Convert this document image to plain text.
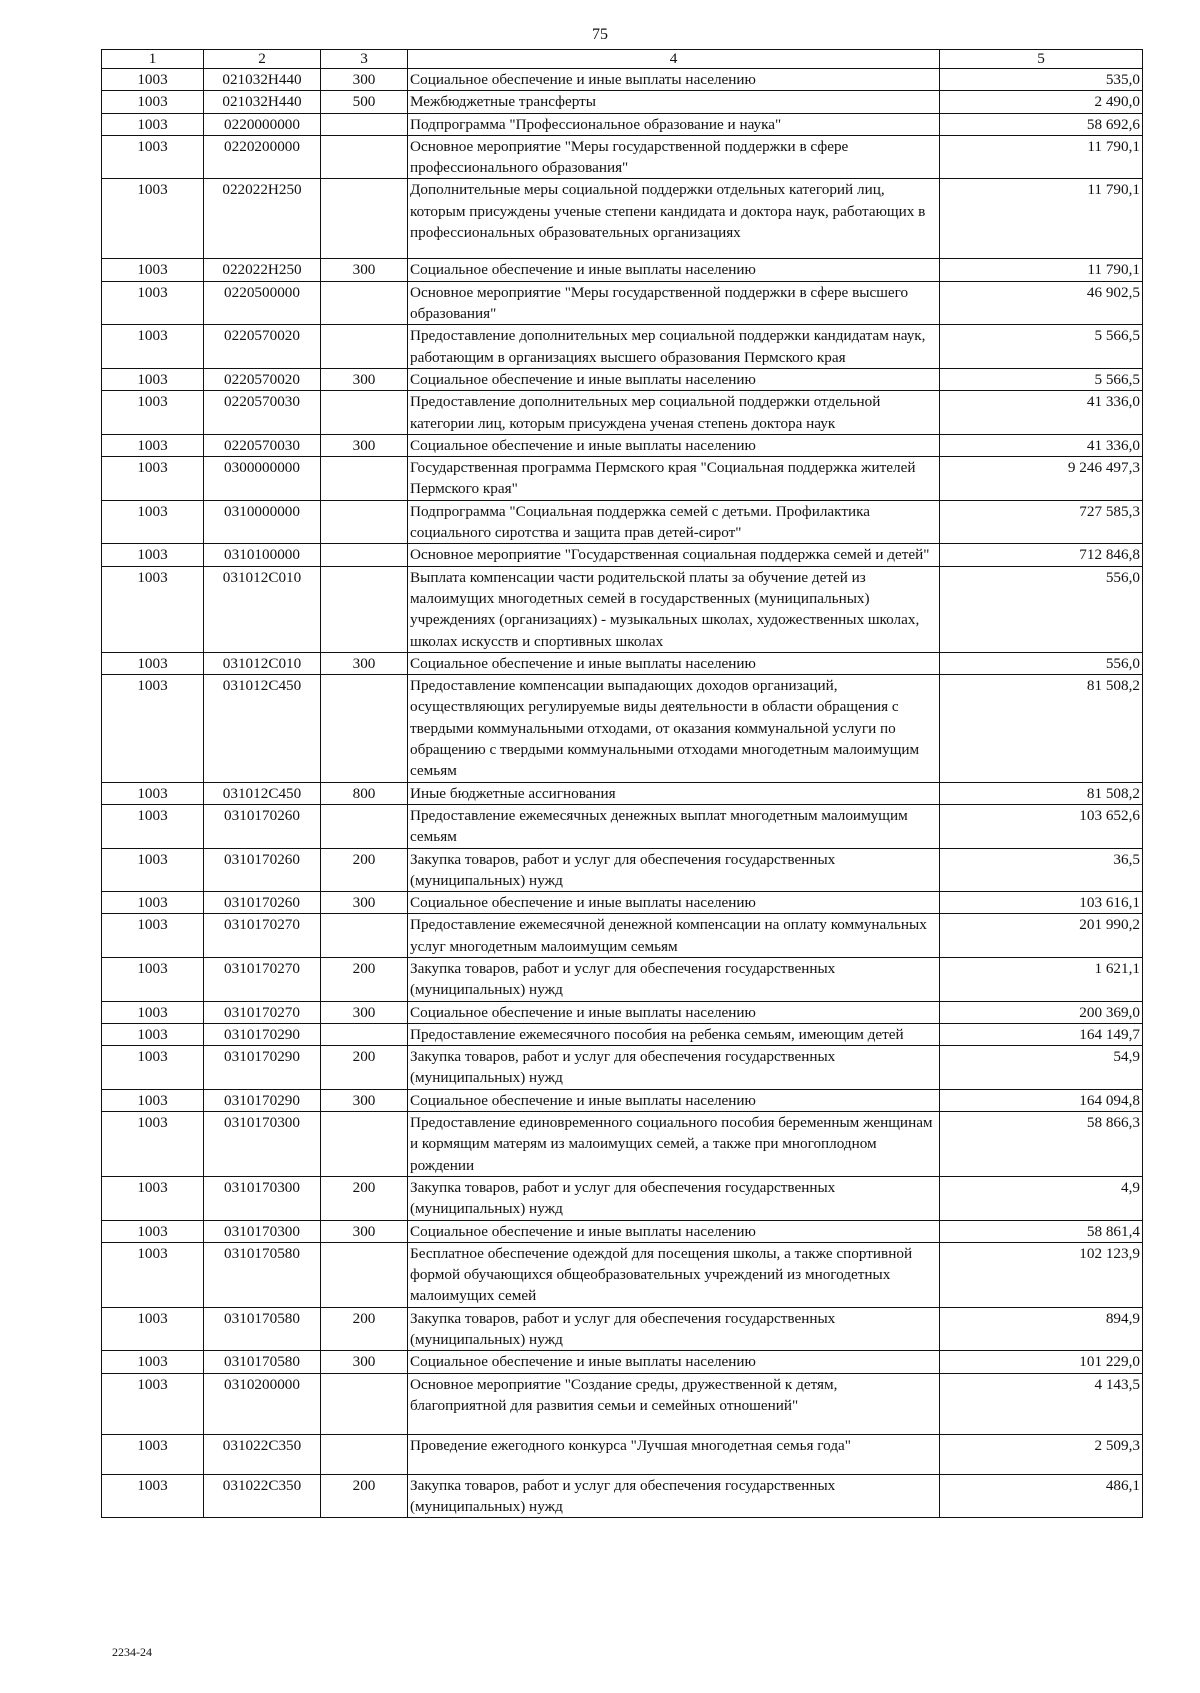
75
1	2	3	4	5
1003	021032Н440	300	Социальное обеспечение и иные выплаты населению	535,0
1003	021032Н440	500	Межбюджетные трансферты	2 490,0
1003	0220000000		Подпрограмма "Профессиональное образование и наука"	58 692,6
1003	0220200000		Основное мероприятие "Меры государственной поддержки в сфере профессионального образования"	11 790,1
1003	022022Н250		Дополнительные меры социальной поддержки отдельных категорий лиц, которым присуждены ученые степени кандидата и доктора наук, работающих в профессиональных образовательных организациях	11 790,1
1003	022022Н250	300	Социальное обеспечение и иные выплаты населению	11 790,1
1003	0220500000		Основное мероприятие "Меры государственной поддержки в сфере высшего образования"	46 902,5
1003	0220570020		Предоставление дополнительных мер социальной поддержки кандидатам наук, работающим в организациях высшего образования Пермского края	5 566,5
1003	0220570020	300	Социальное обеспечение и иные выплаты населению	5 566,5
1003	0220570030		Предоставление дополнительных мер социальной поддержки отдельной категории лиц, которым присуждена ученая степень доктора наук	41 336,0
1003	0220570030	300	Социальное обеспечение и иные выплаты населению	41 336,0
1003	0300000000		Государственная программа Пермского края "Социальная поддержка жителей Пермского края"	9 246 497,3
1003	0310000000		Подпрограмма "Социальная поддержка семей с детьми. Профилактика социального сиротства и защита прав детей-сирот"	727 585,3
1003	0310100000		Основное мероприятие "Государственная социальная поддержка семей и детей"	712 846,8
1003	031012С010		Выплата компенсации части родительской платы за обучение детей из малоимущих многодетных семей в государственных (муниципальных) учреждениях (организациях) - музыкальных школах, художественных школах, школах искусств и спортивных школах	556,0
1003	031012С010	300	Социальное обеспечение и иные выплаты населению	556,0
1003	031012С450		Предоставление компенсации выпадающих доходов организаций, осуществляющих регулируемые виды деятельности в области обращения с твердыми коммунальными отходами, от оказания коммунальной услуги по обращению с твердыми коммунальными отходами многодетным малоимущим семьям	81 508,2
1003	031012С450	800	Иные бюджетные ассигнования	81 508,2
1003	0310170260		Предоставление ежемесячных денежных выплат многодетным малоимущим семьям	103 652,6
1003	0310170260	200	Закупка товаров, работ и услуг для обеспечения государственных (муниципальных) нужд	36,5
1003	0310170260	300	Социальное обеспечение и иные выплаты населению	103 616,1
1003	0310170270		Предоставление ежемесячной денежной компенсации на оплату коммунальных услуг многодетным малоимущим семьям	201 990,2
1003	0310170270	200	Закупка товаров, работ и услуг для обеспечения государственных (муниципальных) нужд	1 621,1
1003	0310170270	300	Социальное обеспечение и иные выплаты населению	200 369,0
1003	0310170290		Предоставление ежемесячного пособия на ребенка семьям, имеющим детей	164 149,7
1003	0310170290	200	Закупка товаров, работ и услуг для обеспечения государственных (муниципальных) нужд	54,9
1003	0310170290	300	Социальное обеспечение и иные выплаты населению	164 094,8
1003	0310170300		Предоставление единовременного социального пособия беременным женщинам и кормящим матерям из малоимущих семей, а также при многоплодном рождении	58 866,3
1003	0310170300	200	Закупка товаров, работ и услуг для обеспечения государственных (муниципальных) нужд	4,9
1003	0310170300	300	Социальное обеспечение и иные выплаты населению	58 861,4
1003	0310170580		Бесплатное обеспечение одеждой для посещения школы, а также спортивной формой обучающихся общеобразовательных учреждений из многодетных малоимущих семей	102 123,9
1003	0310170580	200	Закупка товаров, работ и услуг для обеспечения государственных (муниципальных) нужд	894,9
1003	0310170580	300	Социальное обеспечение и иные выплаты населению	101 229,0
1003	0310200000		Основное мероприятие "Создание среды, дружественной к детям, благоприятной для развития семьи и семейных отношений"	4 143,5
1003	031022С350		Проведение ежегодного конкурса "Лучшая многодетная семья года"	2 509,3
1003	031022С350	200	Закупка товаров, работ и услуг для обеспечения государственных (муниципальных) нужд	486,1
2234-24
